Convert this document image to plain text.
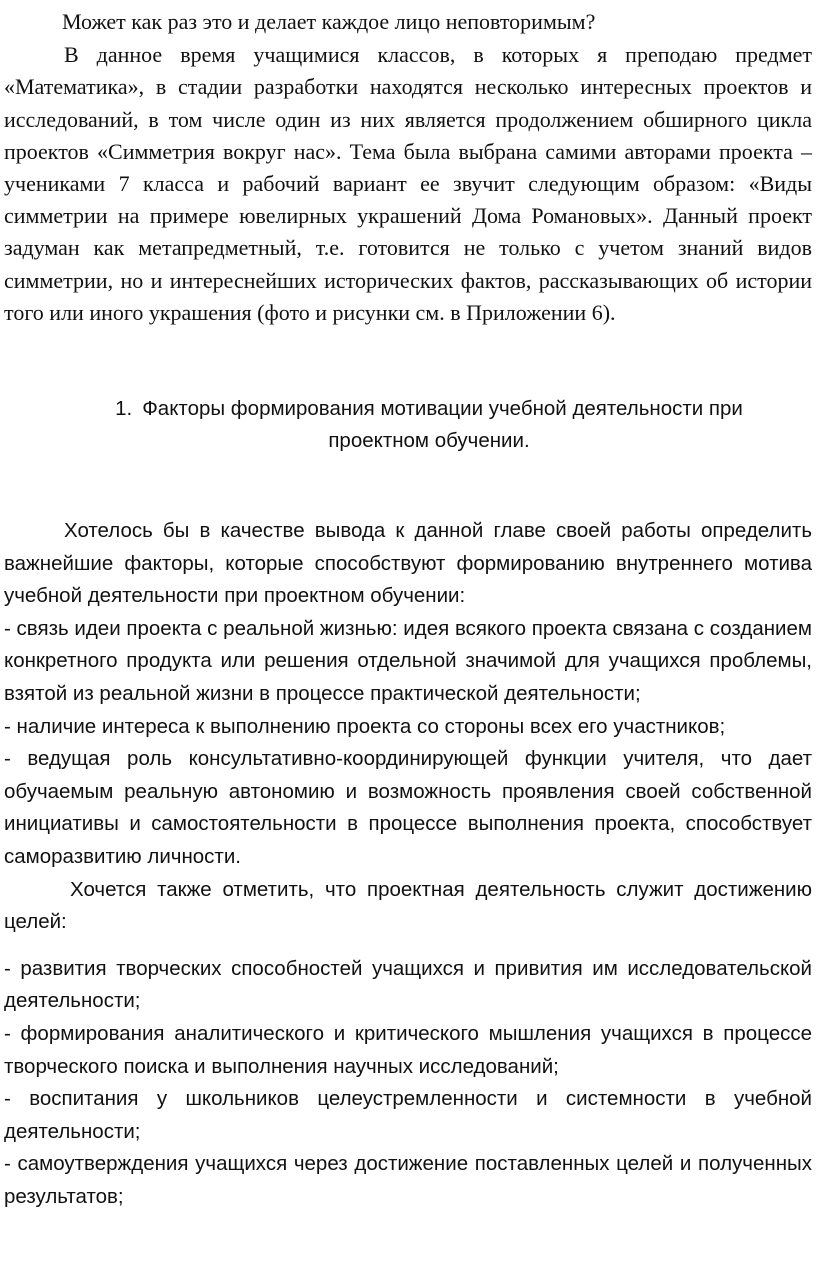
Может как раз это и делает каждое лицо неповторимым?

В данное время учащимися классов, в которых я преподаю предмет «Математика», в стадии разработки находятся несколько интересных проектов и исследований, в том числе один из них является продолжением обширного цикла проектов «Симметрия вокруг нас». Тема была выбрана самими авторами проекта – учениками 7 класса и рабочий вариант ее звучит следующим образом: «Виды симметрии на примере ювелирных украшений Дома Романовых». Данный проект задуман как метапредметный, т.е. готовится не только с учетом знаний видов симметрии, но и интереснейших исторических фактов, рассказывающих об истории того или иного украшения (фото и рисунки см. в Приложении 6).

1. Факторы формирования мотивации учебной деятельности при проектном обучении.

Хотелось бы в качестве вывода к данной главе своей работы определить важнейшие факторы, которые способствуют формированию внутреннего мотива учебной деятельности при проектном обучении:

- связь идеи проекта с реальной жизнью: идея всякого проекта связана с созданием конкретного продукта или решения отдельной значимой для учащихся проблемы, взятой из реальной жизни в процессе практической деятельности;

- наличие интереса к выполнению проекта со стороны всех его участников;

- ведущая роль консультативно-координирующей функции учителя, что дает обучаемым реальную автономию и возможность проявления своей собственной инициативы и самостоятельности в процессе выполнения проекта, способствует саморазвитию личности.

Хочется также отметить, что проектная деятельность служит достижению целей:

- развития творческих способностей учащихся и привития им исследовательской деятельности;

- формирования аналитического и критического мышления учащихся в процессе творческого поиска и выполнения научных исследований;

- воспитания у школьников целеустремленности и системности в учебной деятельности;

- самоутверждения учащихся через достижение поставленных целей и полученных результатов;
